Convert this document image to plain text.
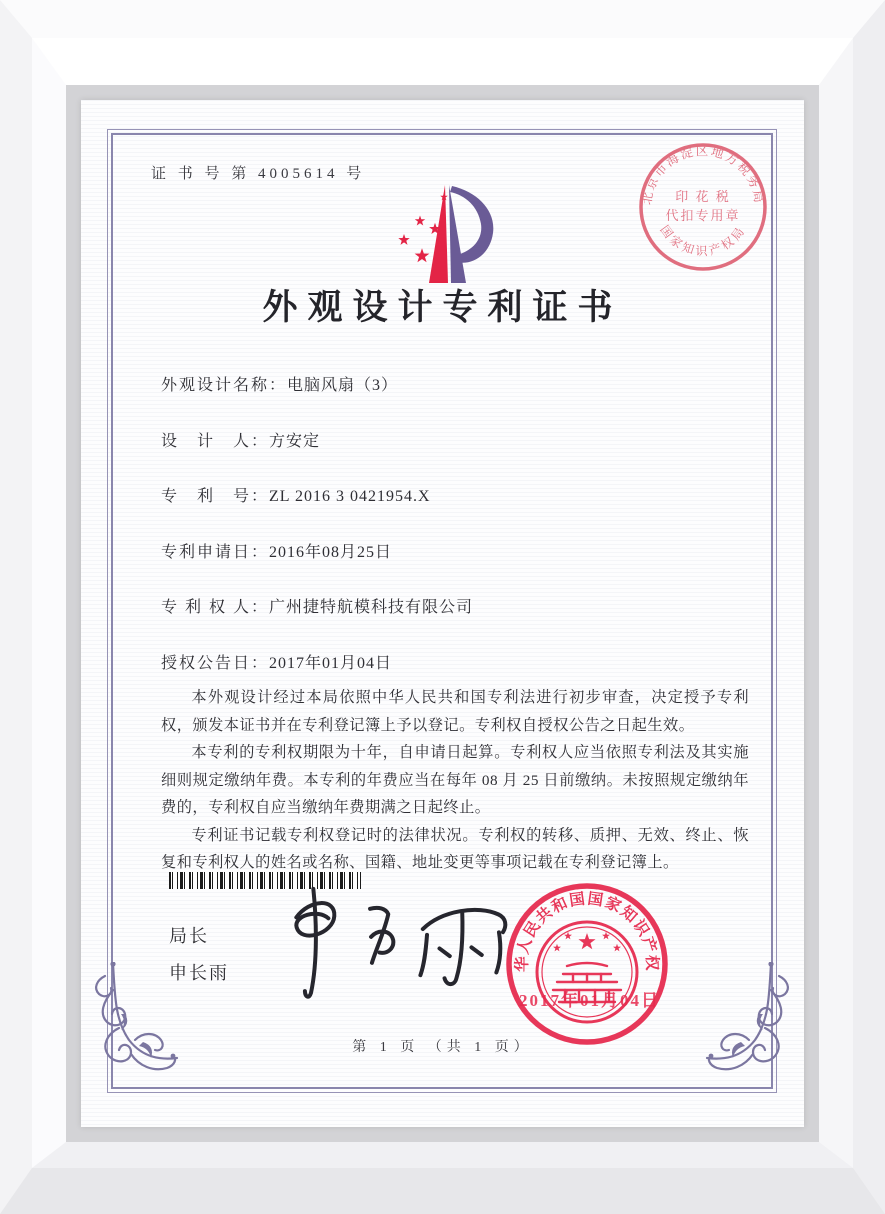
证 书 号 第 4005614 号
外观设计专利证书
北京市海淀区地方税务局
国家知识产权局
印 花 税
代扣专用章
外观设计名称：电脑风扇（3）
设　计　人：方安定
专　利　号：ZL 2016 3 0421954.X
专利申请日：2016年08月25日
专 利 权 人：广州捷特航模科技有限公司
授权公告日：2017年01月04日

本外观设计经过本局依照中华人民共和国专利法进行初步审查，决定授予专利权，颁发本证书并在专利登记簿上予以登记。专利权自授权公告之日起生效。

本专利的专利权期限为十年，自申请日起算。专利权人应当依照专利法及其实施细则规定缴纳年费。本专利的年费应当在每年 08 月 25 日前缴纳。未按照规定缴纳年费的，专利权自应当缴纳年费期满之日起终止。

专利证书记载专利权登记时的法律状况。专利权的转移、质押、无效、终止、恢复和专利权人的姓名或名称、国籍、地址变更等事项记载在专利登记簿上。

局长
申长雨
中华人民共和国国家知识产权局
2017年01月04日
第 1 页 （共 1 页）
